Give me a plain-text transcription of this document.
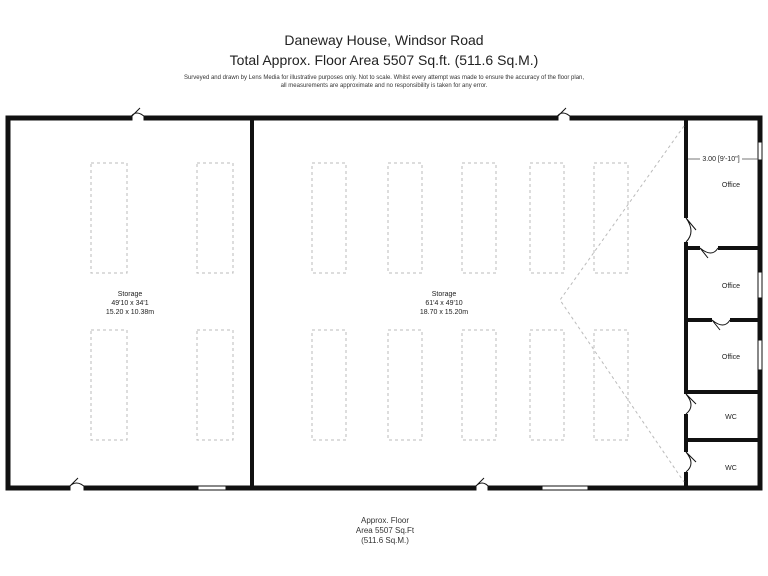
Daneway House, Windsor Road
Total Approx. Floor Area 5507 Sq.ft. (511.6 Sq.M.)
Surveyed and drawn by Lens Media for illustrative purposes only. Not to scale. Whilst every attempt was made to ensure the accuracy of the floor plan,
all measurements are approximate and no responsibility is taken for any error.
Storage
49'10 x 34'1
15.20 x 10.38m
Storage
61'4 x 49'10
18.70 x 15.20m
3.00 [9'-10"]
Office
Office
Office
WC
WC
Approx. Floor
Area 5507 Sq.Ft
(511.6 Sq.M.)
